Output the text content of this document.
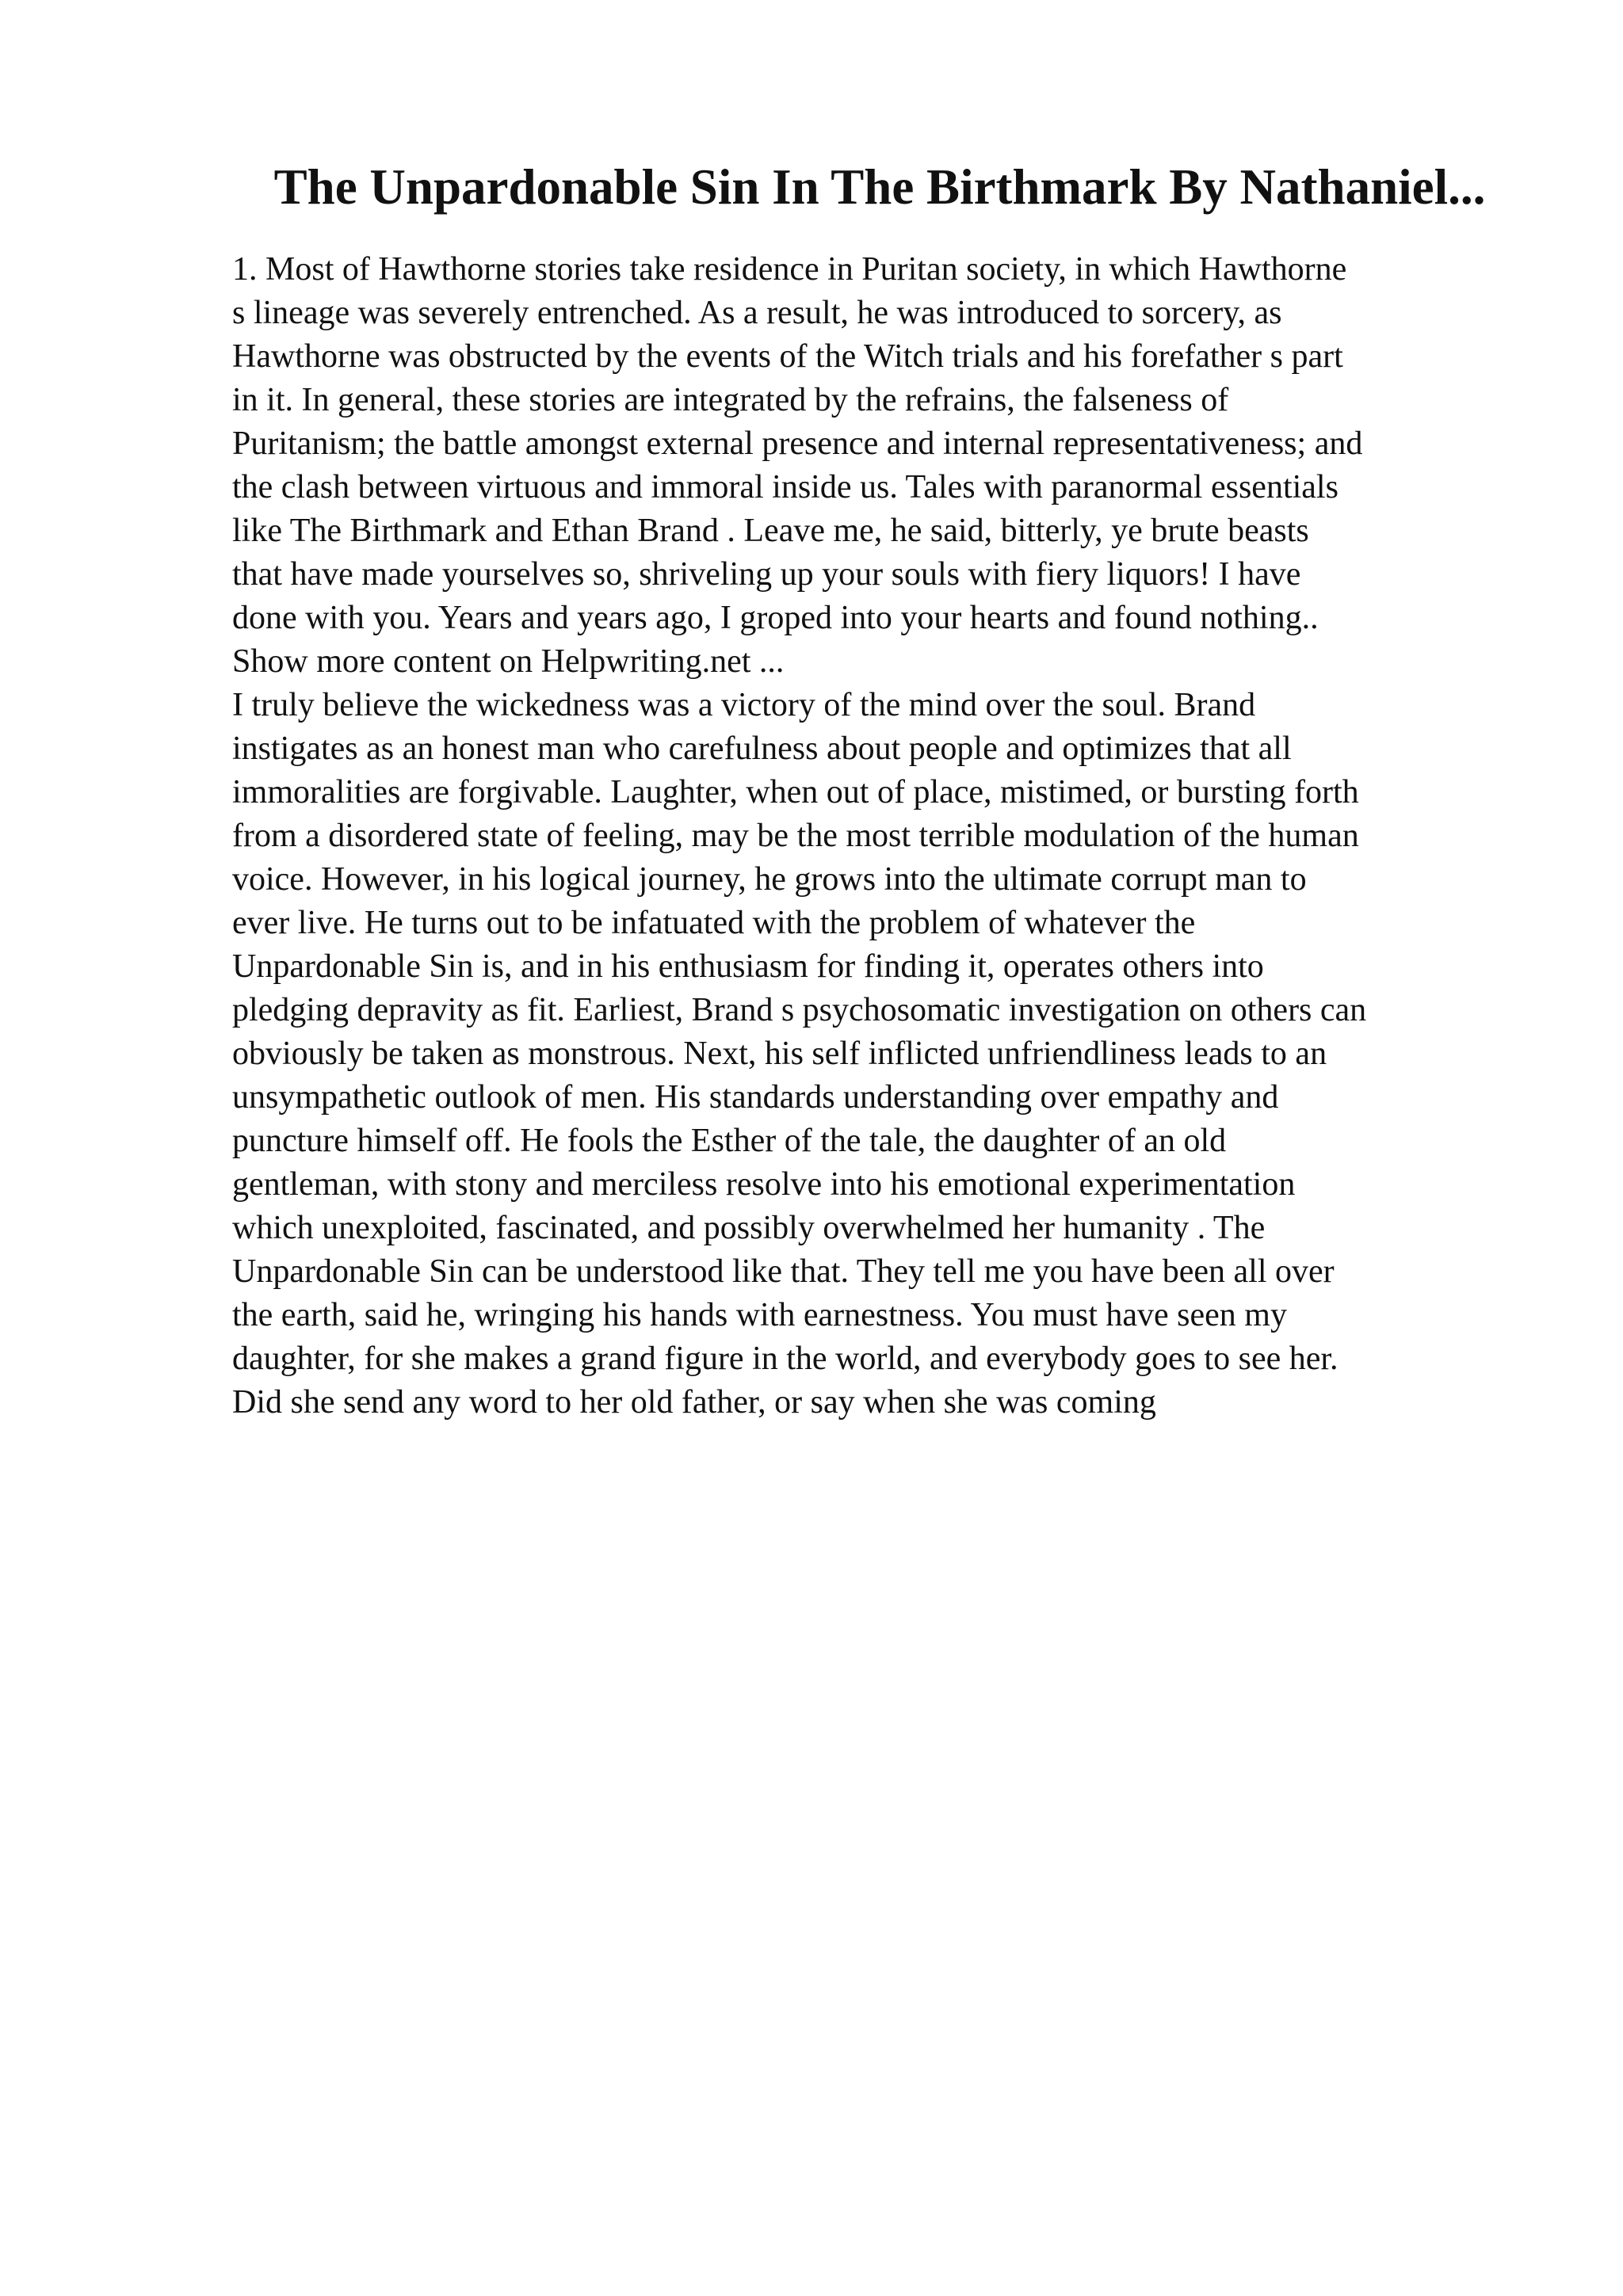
The Unpardonable Sin In The Birthmark By Nathaniel...
1. Most of Hawthorne stories take residence in Puritan society, in which Hawthorne
s lineage was severely entrenched. As a result, he was introduced to sorcery, as
Hawthorne was obstructed by the events of the Witch trials and his forefather s part
in it. In general, these stories are integrated by the refrains, the falseness of
Puritanism; the battle amongst external presence and internal representativeness; and
the clash between virtuous and immoral inside us. Tales with paranormal essentials
like The Birthmark and Ethan Brand . Leave me, he said, bitterly, ye brute beasts
that have made yourselves so, shriveling up your souls with fiery liquors! I have
done with you. Years and years ago, I groped into your hearts and found nothing..
Show more content on Helpwriting.net ...
I truly believe the wickedness was a victory of the mind over the soul. Brand
instigates as an honest man who carefulness about people and optimizes that all
immoralities are forgivable. Laughter, when out of place, mistimed, or bursting forth
from a disordered state of feeling, may be the most terrible modulation of the human
voice. However, in his logical journey, he grows into the ultimate corrupt man to
ever live. He turns out to be infatuated with the problem of whatever the
Unpardonable Sin is, and in his enthusiasm for finding it, operates others into
pledging depravity as fit. Earliest, Brand s psychosomatic investigation on others can
obviously be taken as monstrous. Next, his self inflicted unfriendliness leads to an
unsympathetic outlook of men. His standards understanding over empathy and
puncture himself off. He fools the Esther of the tale, the daughter of an old
gentleman, with stony and merciless resolve into his emotional experimentation
which unexploited, fascinated, and possibly overwhelmed her humanity . The
Unpardonable Sin can be understood like that. They tell me you have been all over
the earth, said he, wringing his hands with earnestness. You must have seen my
daughter, for she makes a grand figure in the world, and everybody goes to see her.
Did she send any word to her old father, or say when she was coming
